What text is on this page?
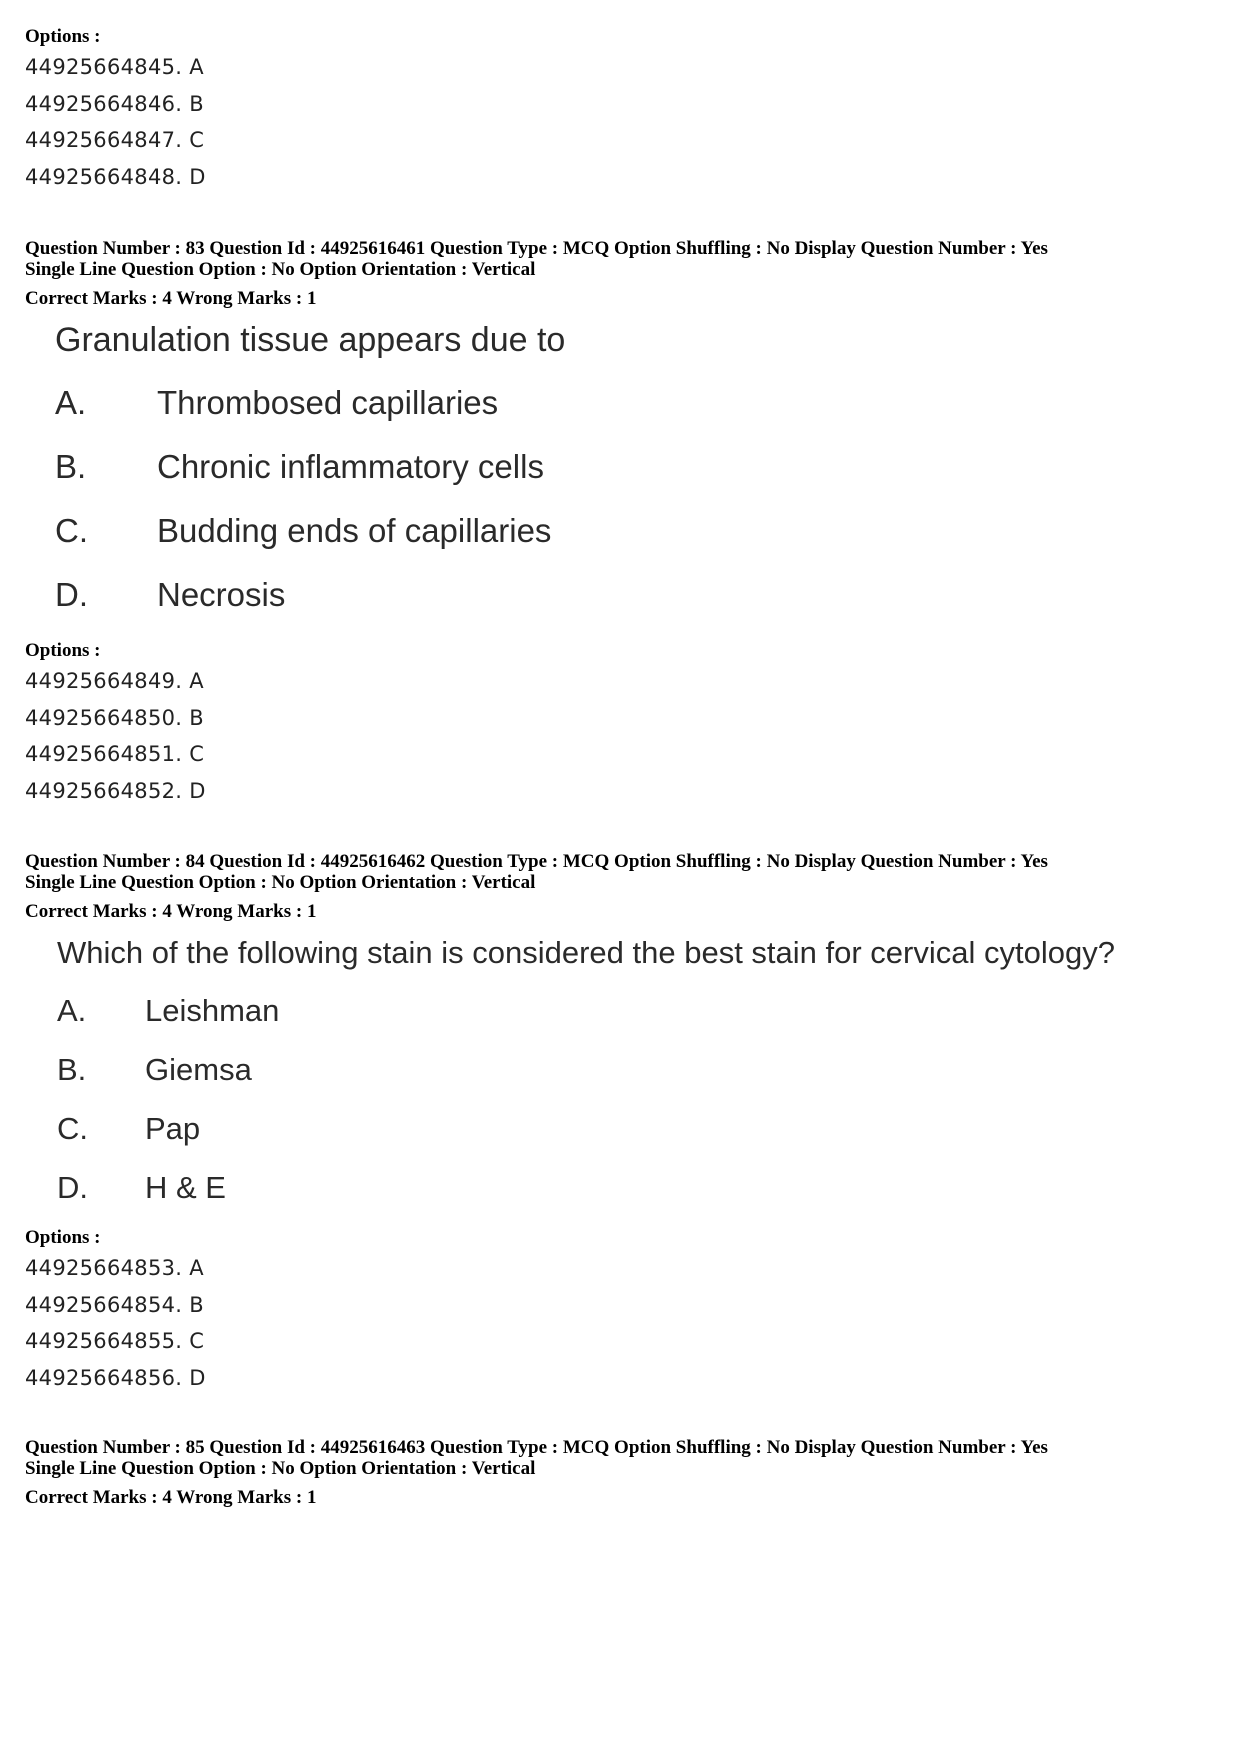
Options :
44925664845. A
44925664846. B
44925664847. C
44925664848. D
Question Number : 83 Question Id : 44925616461 Question Type : MCQ Option Shuffling : No Display Question Number : Yes
Single Line Question Option : No Option Orientation : Vertical
Correct Marks : 4 Wrong Marks : 1
Granulation tissue appears due to
A. Thrombosed capillaries
B. Chronic inflammatory cells
C. Budding ends of capillaries
D. Necrosis
Options :
44925664849. A
44925664850. B
44925664851. C
44925664852. D
Question Number : 84 Question Id : 44925616462 Question Type : MCQ Option Shuffling : No Display Question Number : Yes
Single Line Question Option : No Option Orientation : Vertical
Correct Marks : 4 Wrong Marks : 1
Which of the following stain is considered the best stain for cervical cytology?
A. Leishman
B. Giemsa
C. Pap
D. H & E
Options :
44925664853. A
44925664854. B
44925664855. C
44925664856. D
Question Number : 85 Question Id : 44925616463 Question Type : MCQ Option Shuffling : No Display Question Number : Yes
Single Line Question Option : No Option Orientation : Vertical
Correct Marks : 4 Wrong Marks : 1
